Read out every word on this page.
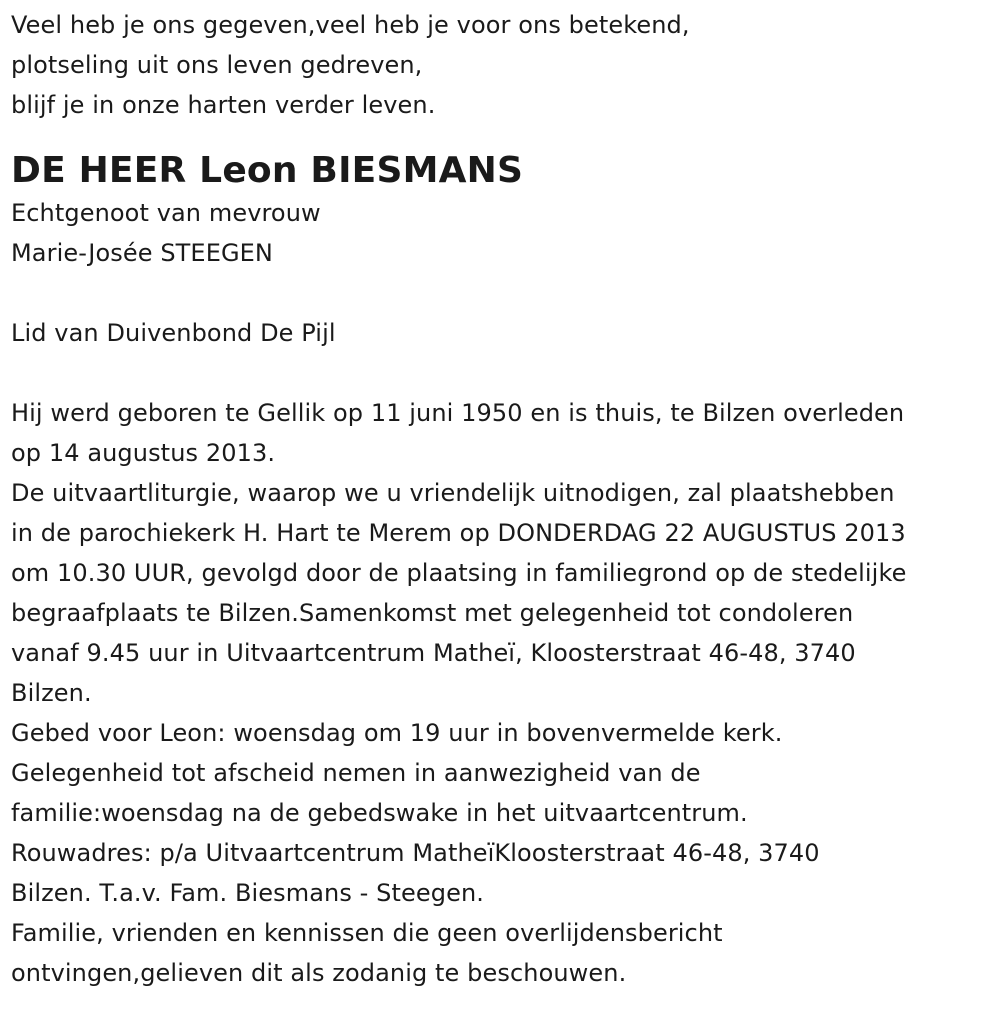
Veel heb je ons gegeven,veel heb je voor ons betekend,
plotseling uit ons leven gedreven,
blijf je in onze harten verder leven.
DE HEER Leon BIESMANS
Echtgenoot van mevrouw
Marie-Josée STEEGEN
Lid van Duivenbond De Pijl
Hij werd geboren te Gellik op 11 juni 1950 en is thuis, te Bilzen overleden
op 14 augustus 2013.
De uitvaartliturgie, waarop we u vriendelijk uitnodigen, zal plaatshebben
in de parochiekerk H. Hart te Merem op DONDERDAG 22 AUGUSTUS 2013
om 10.30 UUR, gevolgd door de plaatsing in familiegrond op de stedelijke
begraafplaats te Bilzen.Samenkomst met gelegenheid tot condoleren
vanaf 9.45 uur in Uitvaartcentrum Matheï, Kloosterstraat 46-48, 3740
Bilzen.
Gebed voor Leon: woensdag om 19 uur in bovenvermelde kerk.
Gelegenheid tot afscheid nemen in aanwezigheid van de
familie:woensdag na de gebedswake in het uitvaartcentrum.
Rouwadres: p/a Uitvaartcentrum MatheïKloosterstraat 46-48, 3740
Bilzen. T.a.v. Fam. Biesmans - Steegen.
Familie, vrienden en kennissen die geen overlijdensbericht
ontvingen,gelieven dit als zodanig te beschouwen.
